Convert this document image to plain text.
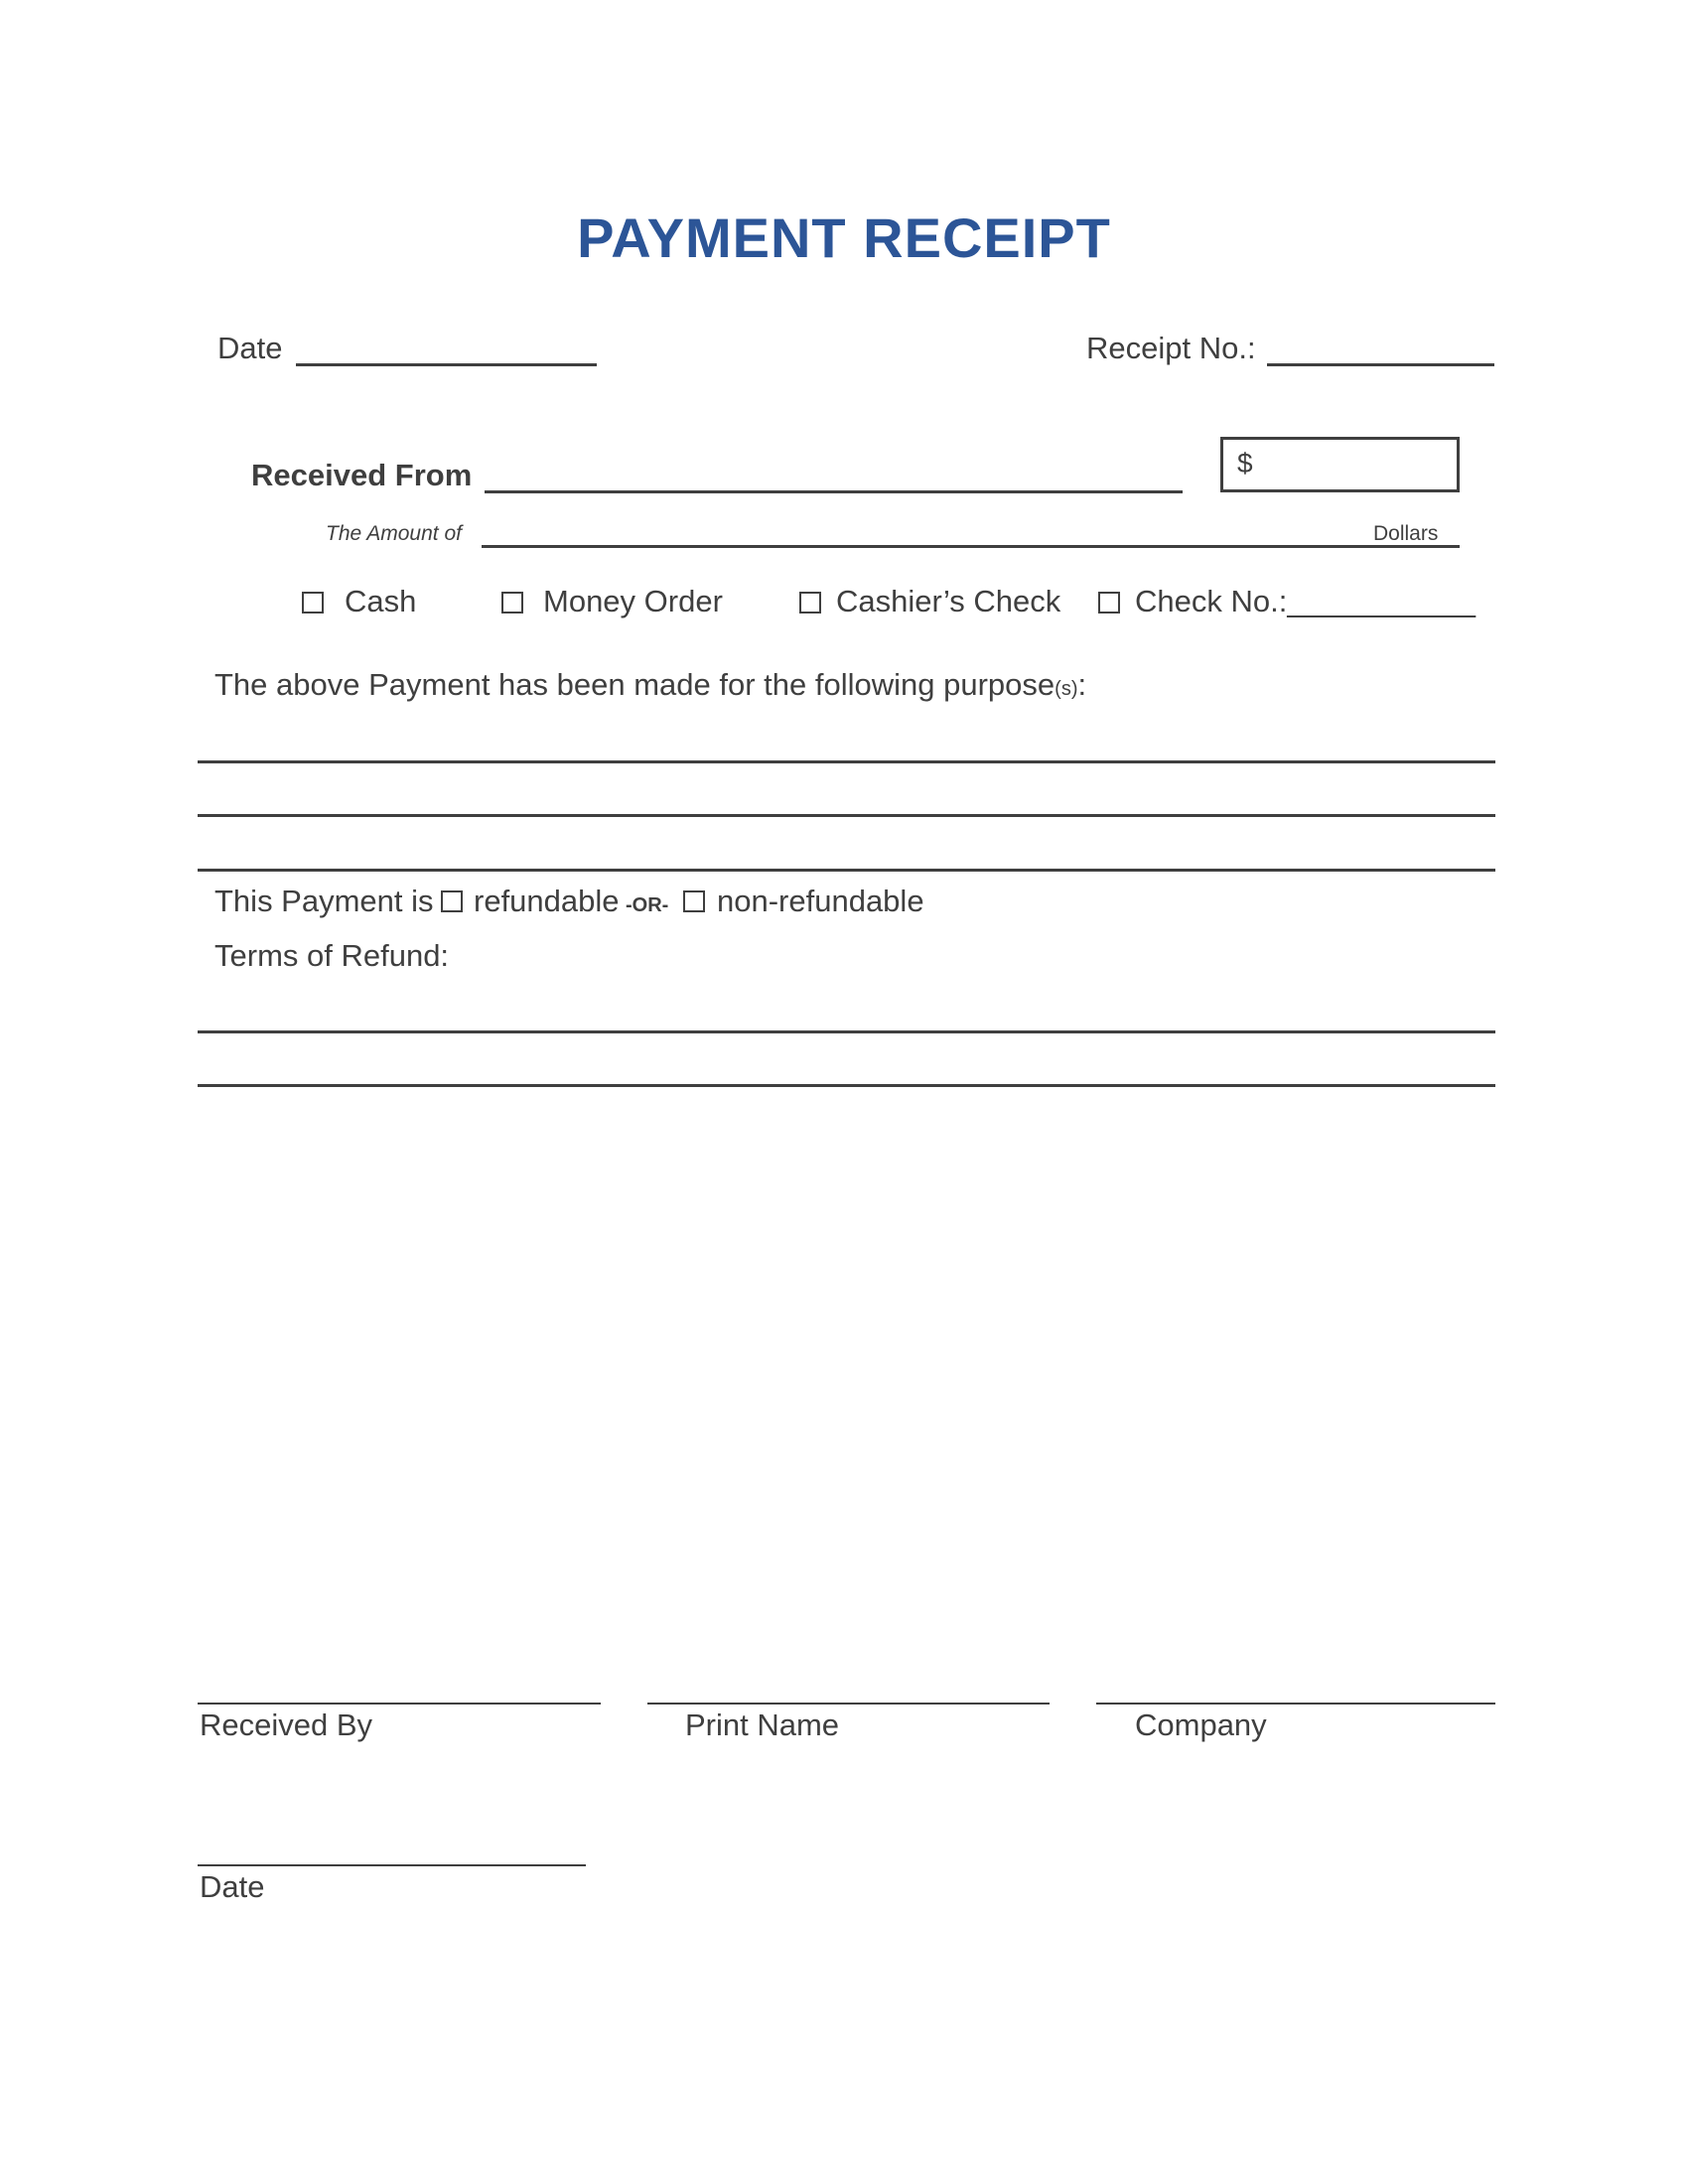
PAYMENT RECEIPT
Date	Receipt No.:
Received From	$
The Amount of	Dollars
Cash	Money Order	Cashier’s Check Check No.:___________
The above Payment has been made for the following purpose(s):
This Payment is refundable -OR- non-refundable
Terms of Refund:
Received By	Print Name	Company
Date
